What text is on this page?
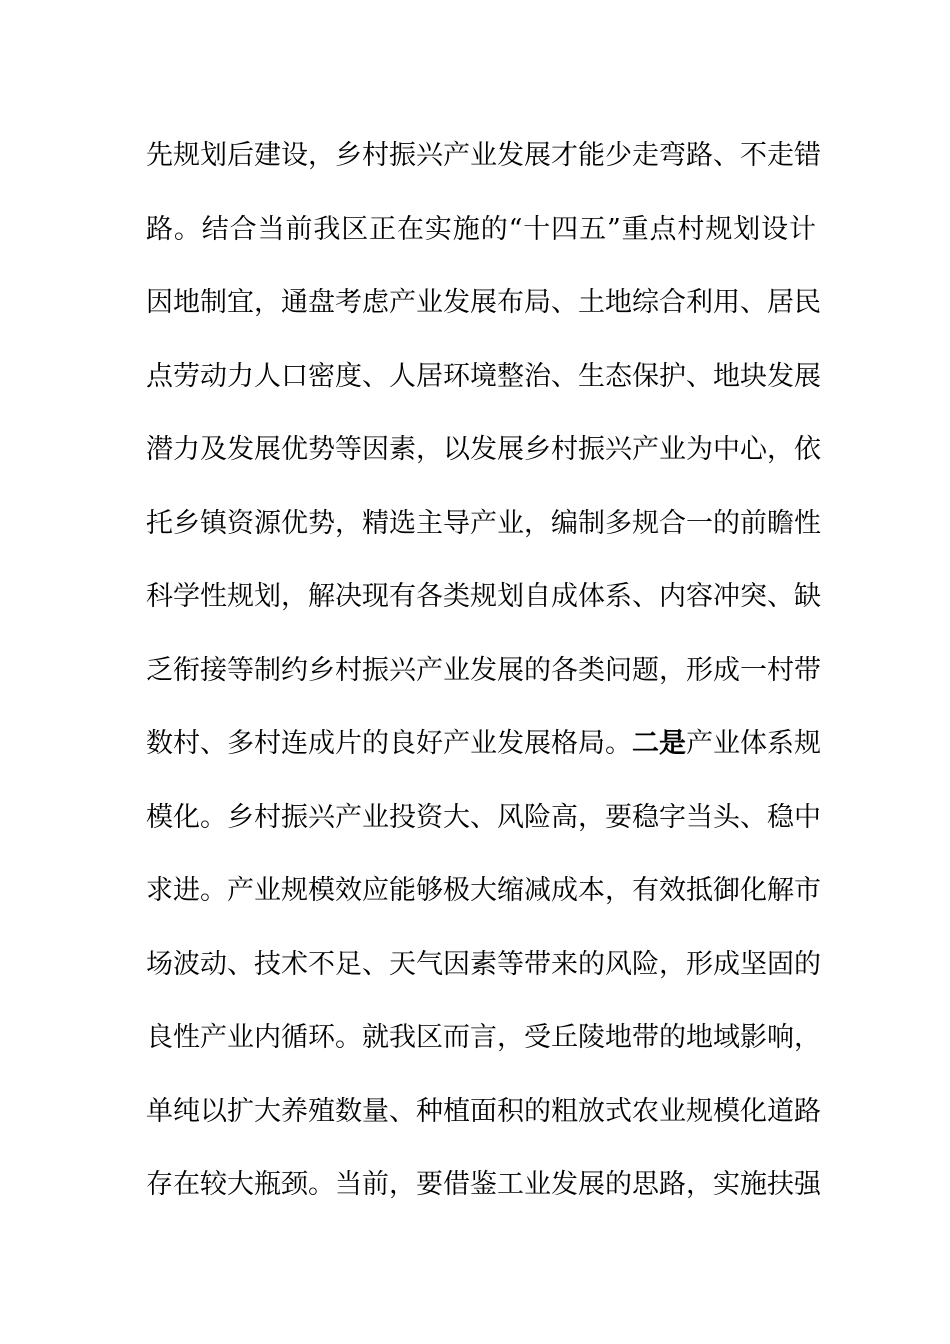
先规划后建设，乡村振兴产业发展才能少走弯路、不走错
路。结合当前我区正在实施的“十四五”重点村规划设计
因地制宜，通盘考虑产业发展布局、土地综合利用、居民
点劳动力人口密度、人居环境整治、生态保护、地块发展
潜力及发展优势等因素，以发展乡村振兴产业为中心，依
托乡镇资源优势，精选主导产业，编制多规合一的前瞻性
科学性规划，解决现有各类规划自成体系、内容冲突、缺
乏衔接等制约乡村振兴产业发展的各类问题，形成一村带
数村、多村连成片的良好产业发展格局。二是产业体系规
模化。乡村振兴产业投资大、风险高，要稳字当头、稳中
求进。产业规模效应能够极大缩减成本，有效抵御化解市
场波动、技术不足、天气因素等带来的风险，形成坚固的
良性产业内循环。就我区而言，受丘陵地带的地域影响，
单纯以扩大养殖数量、种植面积的粗放式农业规模化道路
存在较大瓶颈。当前，要借鉴工业发展的思路，实施扶强
